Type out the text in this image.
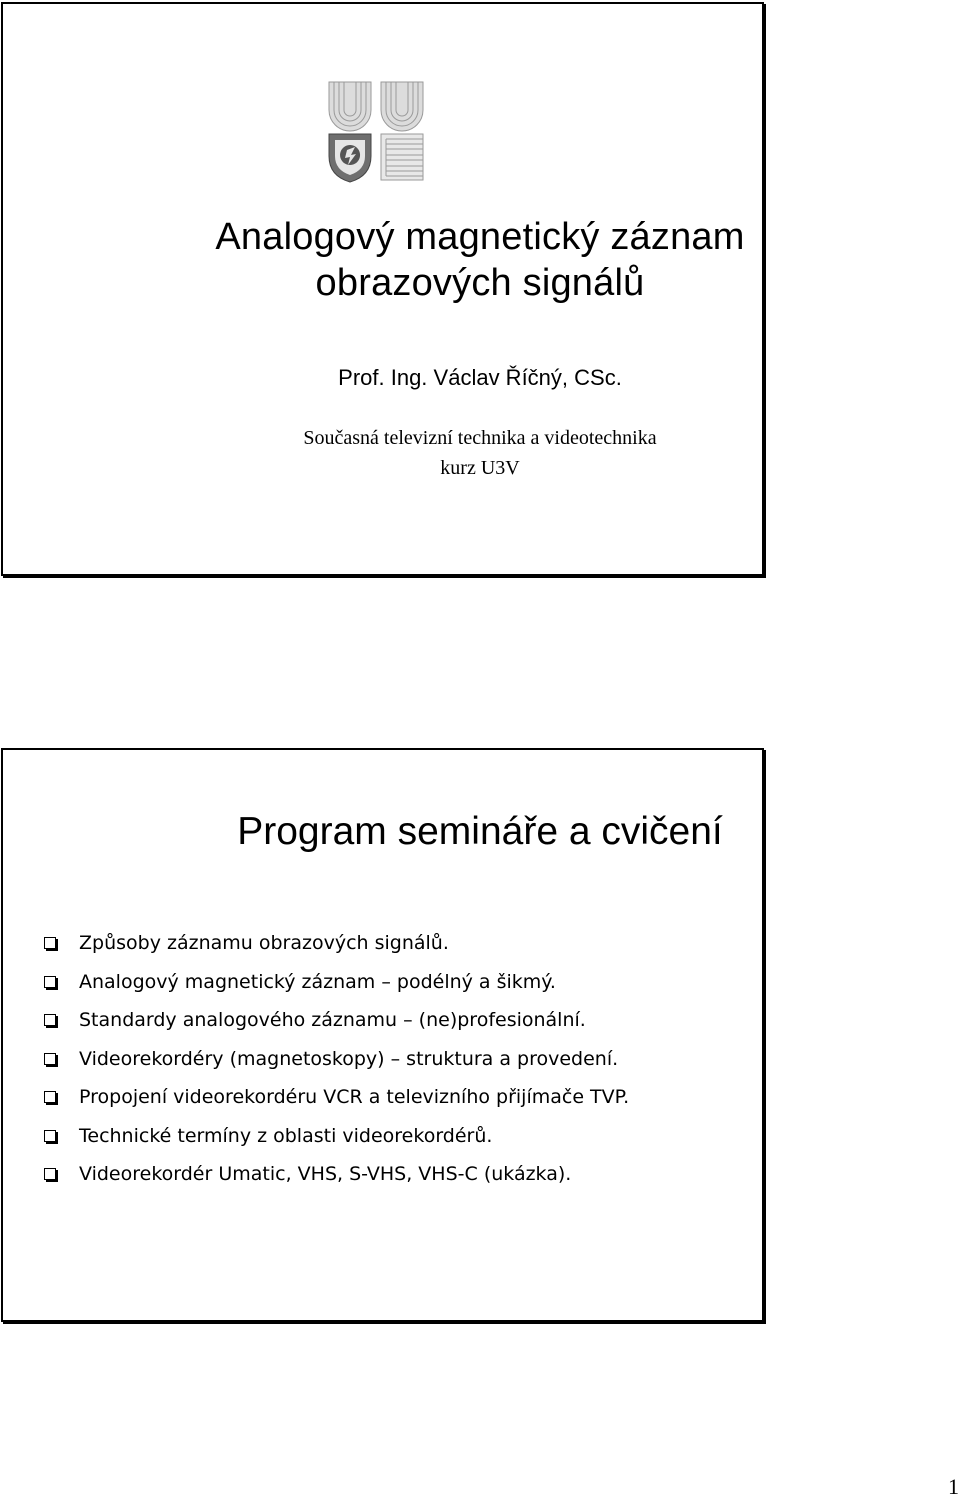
Analogový magnetický záznam
obrazových signálů
Prof. Ing. Václav Říčný, CSc.
Současná televizní technika a videotechnika
kurz U3V
Program semináře a cvičení
Způsoby záznamu obrazových signálů.
Analogový magnetický záznam – podélný a šikmý.
Standardy analogového záznamu – (ne)profesionální.
Videorekordéry (magnetoskopy) – struktura a provedení.
Propojení videorekordéru VCR a televizního přijímače TVP.
Technické termíny z oblasti videorekordérů.
Videorekordér Umatic, VHS, S-VHS, VHS-C (ukázka).
1
